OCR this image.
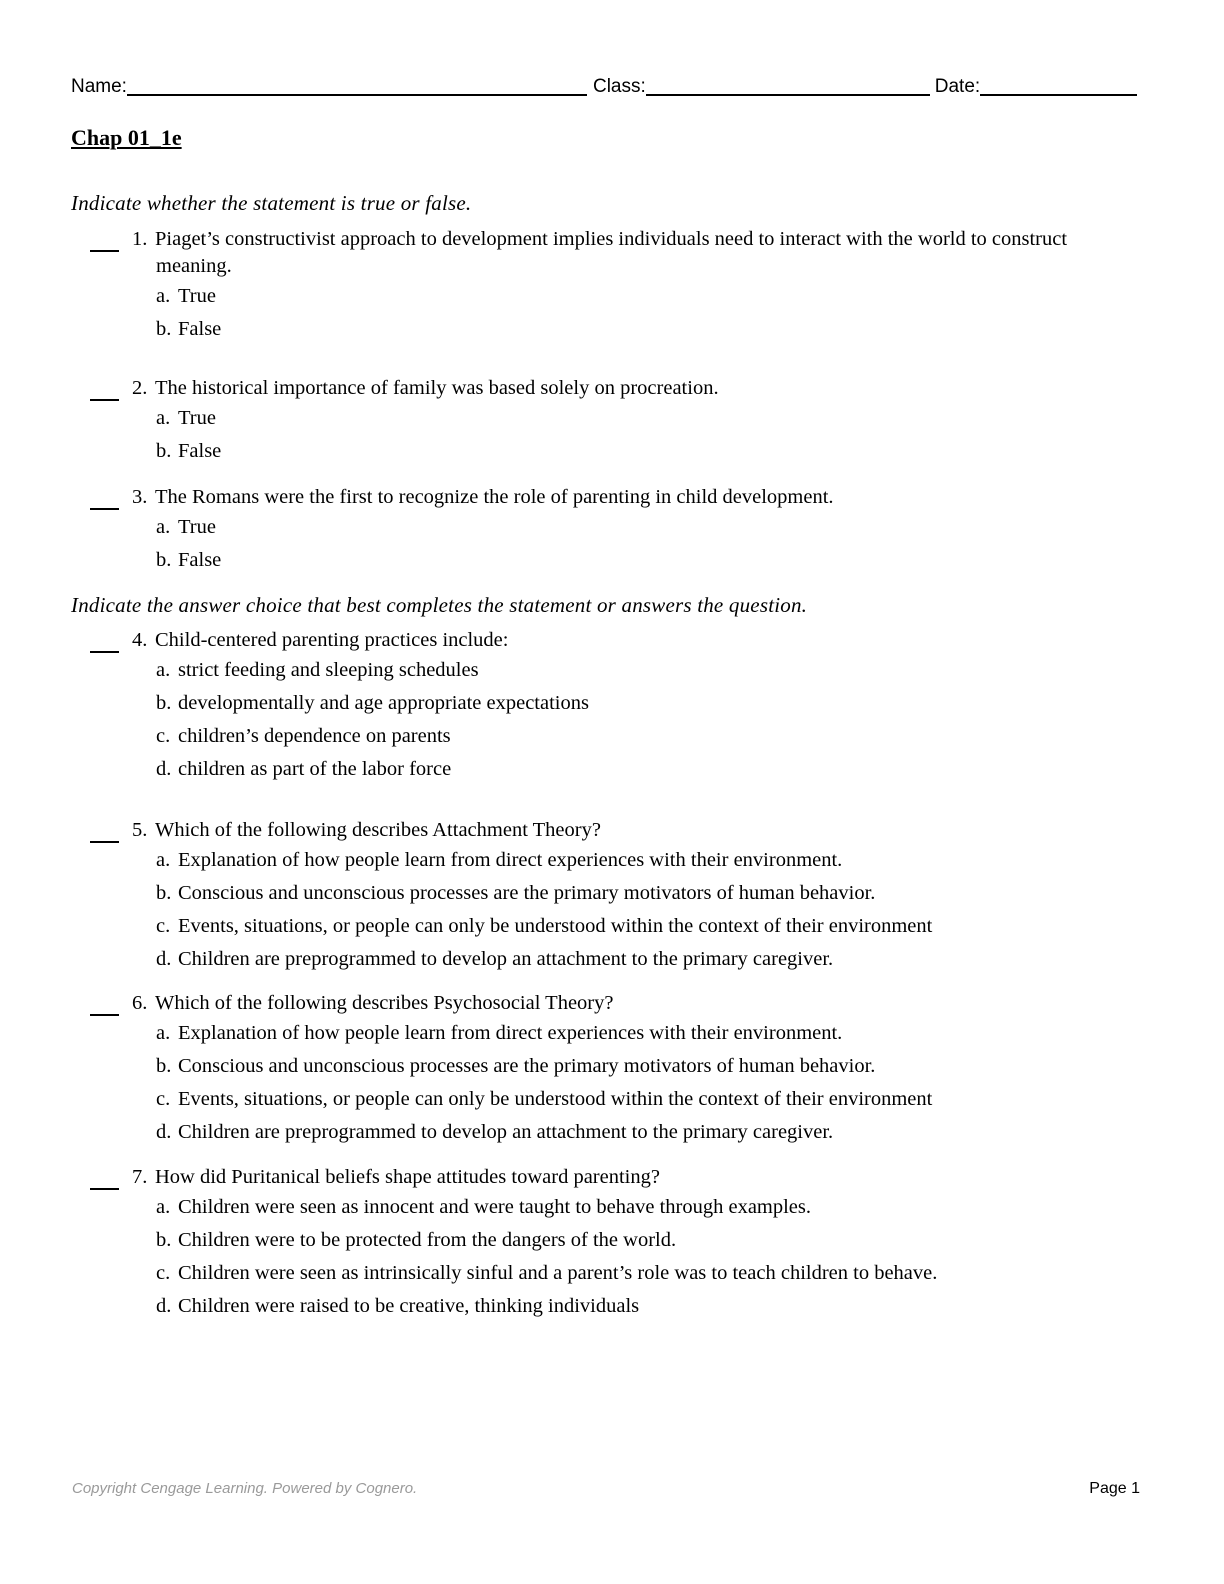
Name:	Class:	Date:
Chap 01_1e
Indicate whether the statement is true or false.
1. Piaget’s constructivist approach to development implies individuals need to interact with the world to construct
meaning.
a. True
b. False
2. The historical importance of family was based solely on procreation.
a. True
b. False
3. The Romans were the first to recognize the role of parenting in child development.
a. True
b. False
Indicate the answer choice that best completes the statement or answers the question.
4. Child-centered parenting practices include:
a. strict feeding and sleeping schedules
b. developmentally and age appropriate expectations
c. children’s dependence on parents
d. children as part of the labor force
5. Which of the following describes Attachment Theory?
a. Explanation of how people learn from direct experiences with their environment.
b. Conscious and unconscious processes are the primary motivators of human behavior.
c. Events, situations, or people can only be understood within the context of their environment
d. Children are preprogrammed to develop an attachment to the primary caregiver.
6. Which of the following describes Psychosocial Theory?
a. Explanation of how people learn from direct experiences with their environment.
b. Conscious and unconscious processes are the primary motivators of human behavior.
c. Events, situations, or people can only be understood within the context of their environment
d. Children are preprogrammed to develop an attachment to the primary caregiver.
7. How did Puritanical beliefs shape attitudes toward parenting?
a. Children were seen as innocent and were taught to behave through examples.
b. Children were to be protected from the dangers of the world.
c. Children were seen as intrinsically sinful and a parent’s role was to teach children to behave.
d. Children were raised to be creative, thinking individuals
Copyright Cengage Learning. Powered by Cognero.	Page 1
